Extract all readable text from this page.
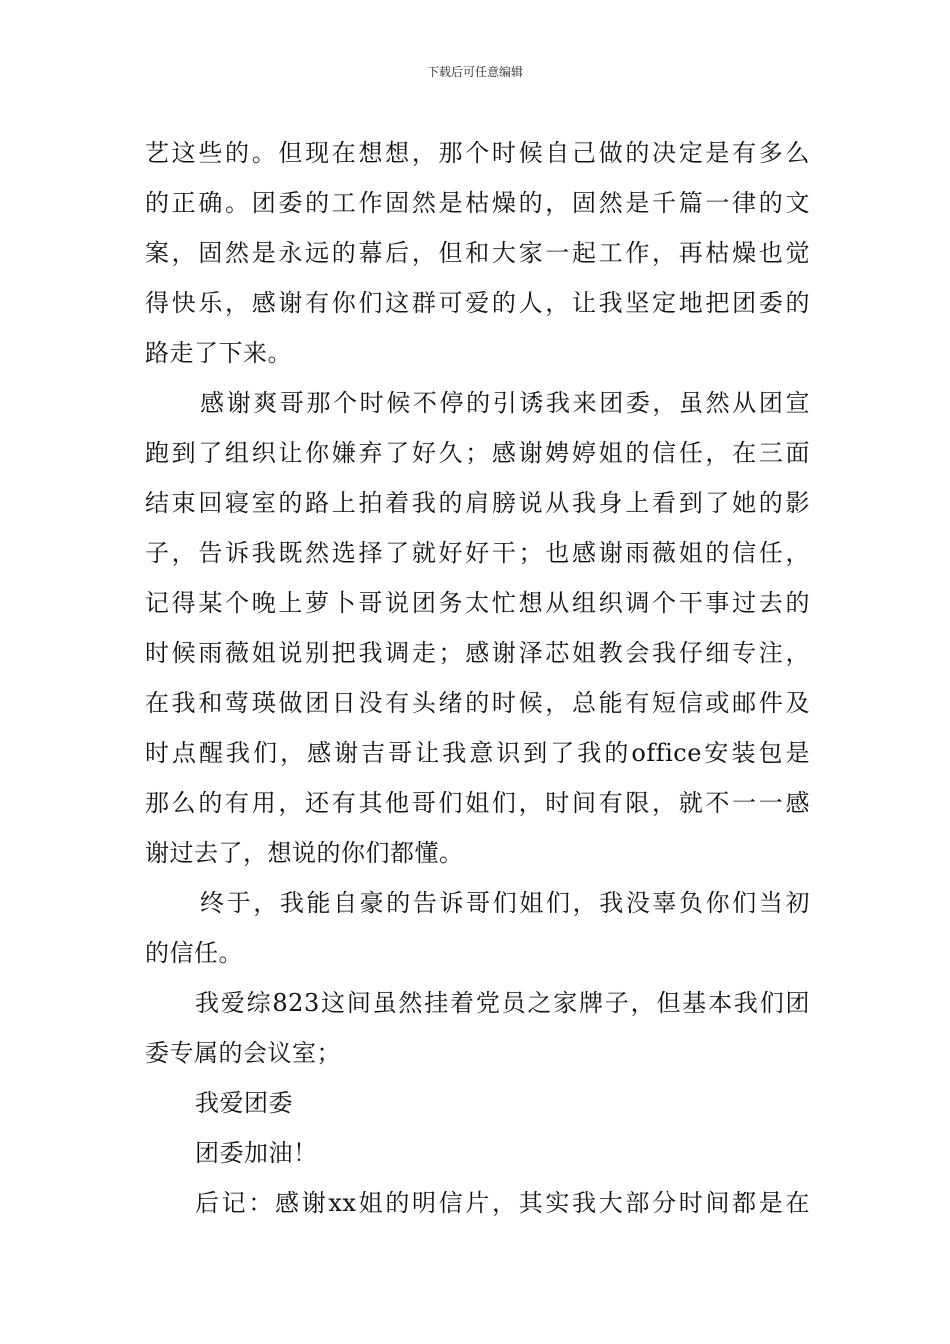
下载后可任意编辑
艺这些的。但现在想想，那个时候自己做的决定是有多么
的正确。团委的工作固然是枯燥的，固然是千篇一律的文
案，固然是永远的幕后，但和大家一起工作，再枯燥也觉
得快乐，感谢有你们这群可爱的人，让我坚定地把团委的
路走了下来。
感谢爽哥那个时候不停的引诱我来团委，虽然从团宣
跑到了组织让你嫌弃了好久；感谢娉婷姐的信任，在三面
结束回寝室的路上拍着我的肩膀说从我身上看到了她的影
子，告诉我既然选择了就好好干；也感谢雨薇姐的信任，
记得某个晚上萝卜哥说团务太忙想从组织调个干事过去的
时候雨薇姐说别把我调走；感谢泽芯姐教会我仔细专注，
在我和莺瑛做团日没有头绪的时候，总能有短信或邮件及
时点醒我们，感谢吉哥让我意识到了我的office安装包是
那么的有用，还有其他哥们姐们，时间有限，就不一一感
谢过去了，想说的你们都懂。
终于，我能自豪的告诉哥们姐们，我没辜负你们当初
的信任。
我爱综823这间虽然挂着党员之家牌子，但基本我们团
委专属的会议室；
我爱团委
团委加油！
后记：感谢xx姐的明信片，其实我大部分时间都是在
